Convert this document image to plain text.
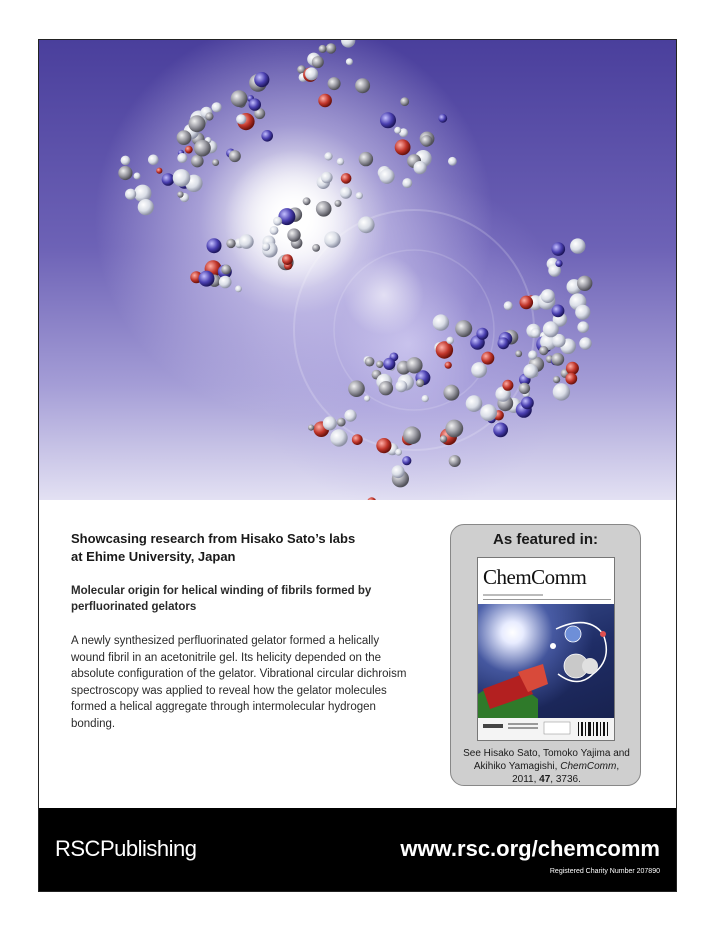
Showcasing research from Hisako Sato’s labs
at Ehime University, Japan
Molecular origin for helical winding of fibrils formed by
perfluorinated gelators
A newly synthesized perfluorinated gelator formed a helically wound fibril in an acetonitrile gel. Its helicity depended on the absolute configuration of the gelator. Vibrational circular dichroism spectroscopy was applied to reveal how the gelator molecules formed a helical aggregate through intermolecular hydrogen bonding.
As featured in:
ChemComm
See Hisako Sato, Tomoko Yajima and
Akihiko Yamagishi, ChemComm,
2011, 47, 3736.
RSCPublishing	www.rsc.org/chemcomm
Registered Charity Number 207890
